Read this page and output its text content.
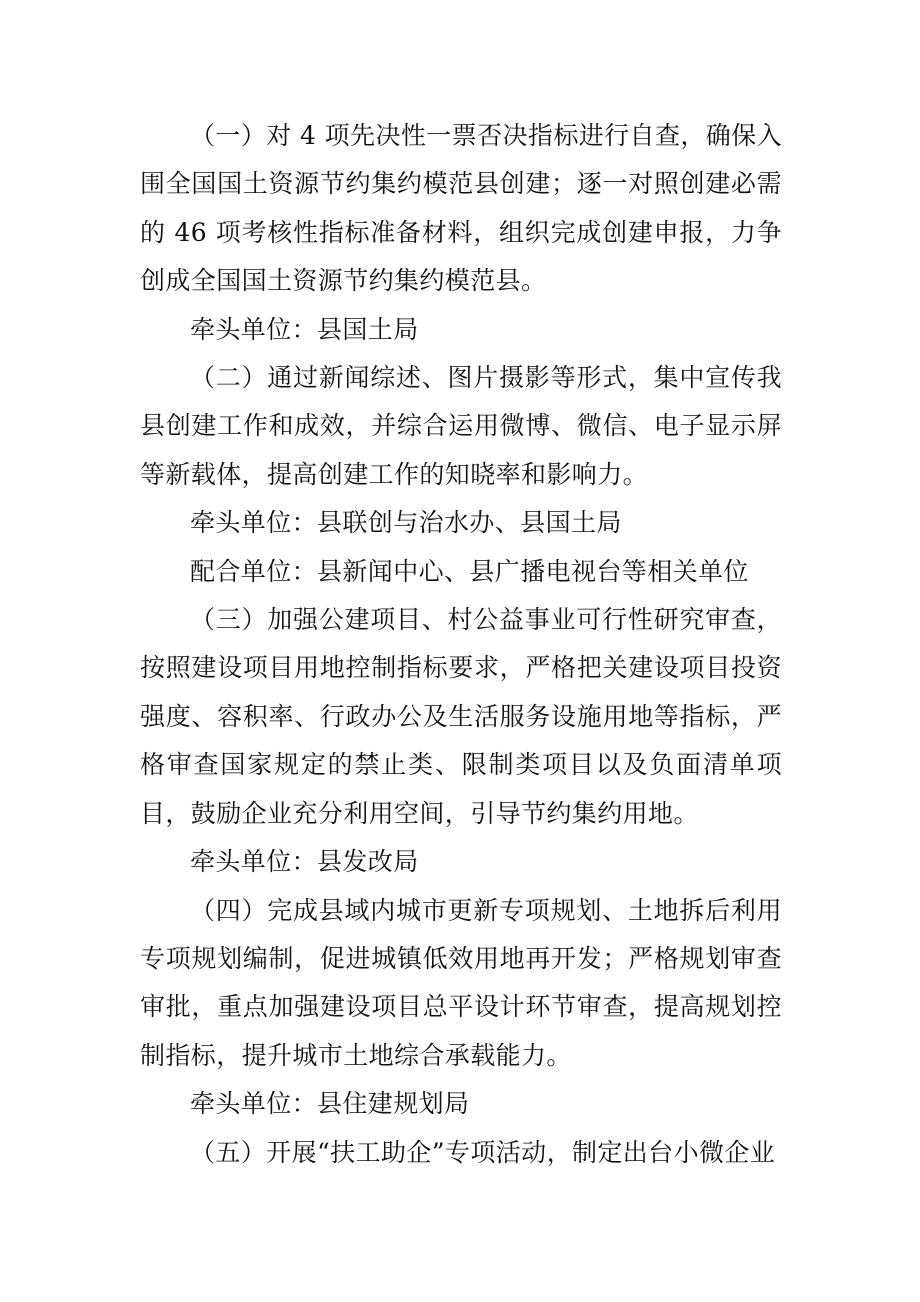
（一）对 4 项先决性一票否决指标进行自查，确保入围全国国土资源节约集约模范县创建；逐一对照创建必需的 46 项考核性指标准备材料，组织完成创建申报，力争创成全国国土资源节约集约模范县。

牵头单位：县国土局

（二）通过新闻综述、图片摄影等形式，集中宣传我县创建工作和成效，并综合运用微博、微信、电子显示屏等新载体，提高创建工作的知晓率和影响力。

牵头单位：县联创与治水办、县国土局

配合单位：县新闻中心、县广播电视台等相关单位

（三）加强公建项目、村公益事业可行性研究审查，按照建设项目用地控制指标要求，严格把关建设项目投资强度、容积率、行政办公及生活服务设施用地等指标，严格审查国家规定的禁止类、限制类项目以及负面清单项目，鼓励企业充分利用空间，引导节约集约用地。

牵头单位：县发改局

（四）完成县域内城市更新专项规划、土地拆后利用专项规划编制，促进城镇低效用地再开发；严格规划审查审批，重点加强建设项目总平设计环节审查，提高规划控制指标，提升城市土地综合承载能力。

牵头单位：县住建规划局

（五）开展“扶工助企”专项活动，制定出台小微企业
